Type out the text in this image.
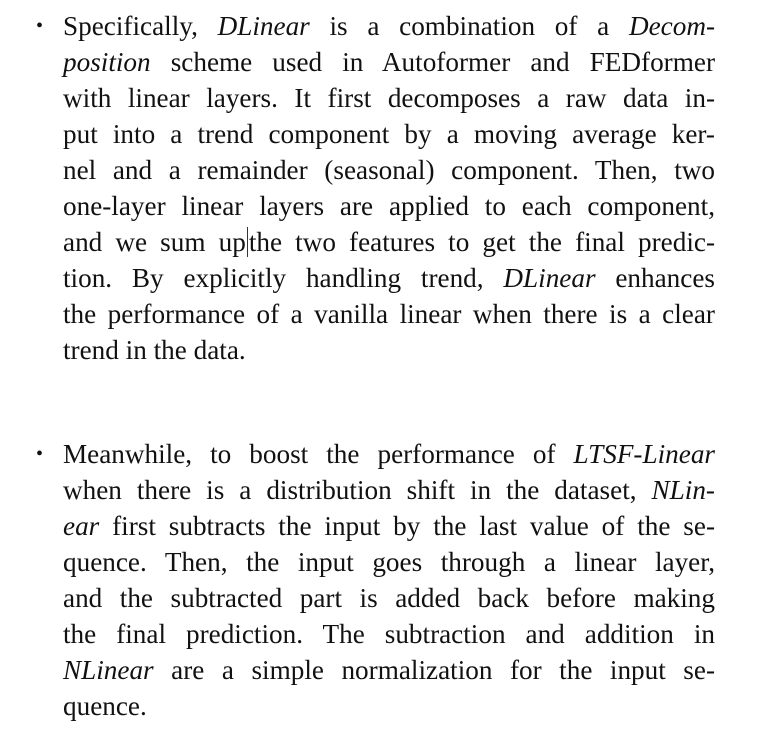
• Specifically, DLinear is a combination of a Decom-
position scheme used in Autoformer and FEDformer
with linear layers. It first decomposes a raw data in-
put into a trend component by a moving average ker-
nel and a remainder (seasonal) component. Then, two
one-layer linear layers are applied to each component,
and we sum up the two features to get the final predic-
tion. By explicitly handling trend, DLinear enhances
the performance of a vanilla linear when there is a clear
trend in the data.
• Meanwhile, to boost the performance of LTSF-Linear
when there is a distribution shift in the dataset, NLin-
ear first subtracts the input by the last value of the se-
quence. Then, the input goes through a linear layer,
and the subtracted part is added back before making
the final prediction. The subtraction and addition in
NLinear are a simple normalization for the input se-
quence.
